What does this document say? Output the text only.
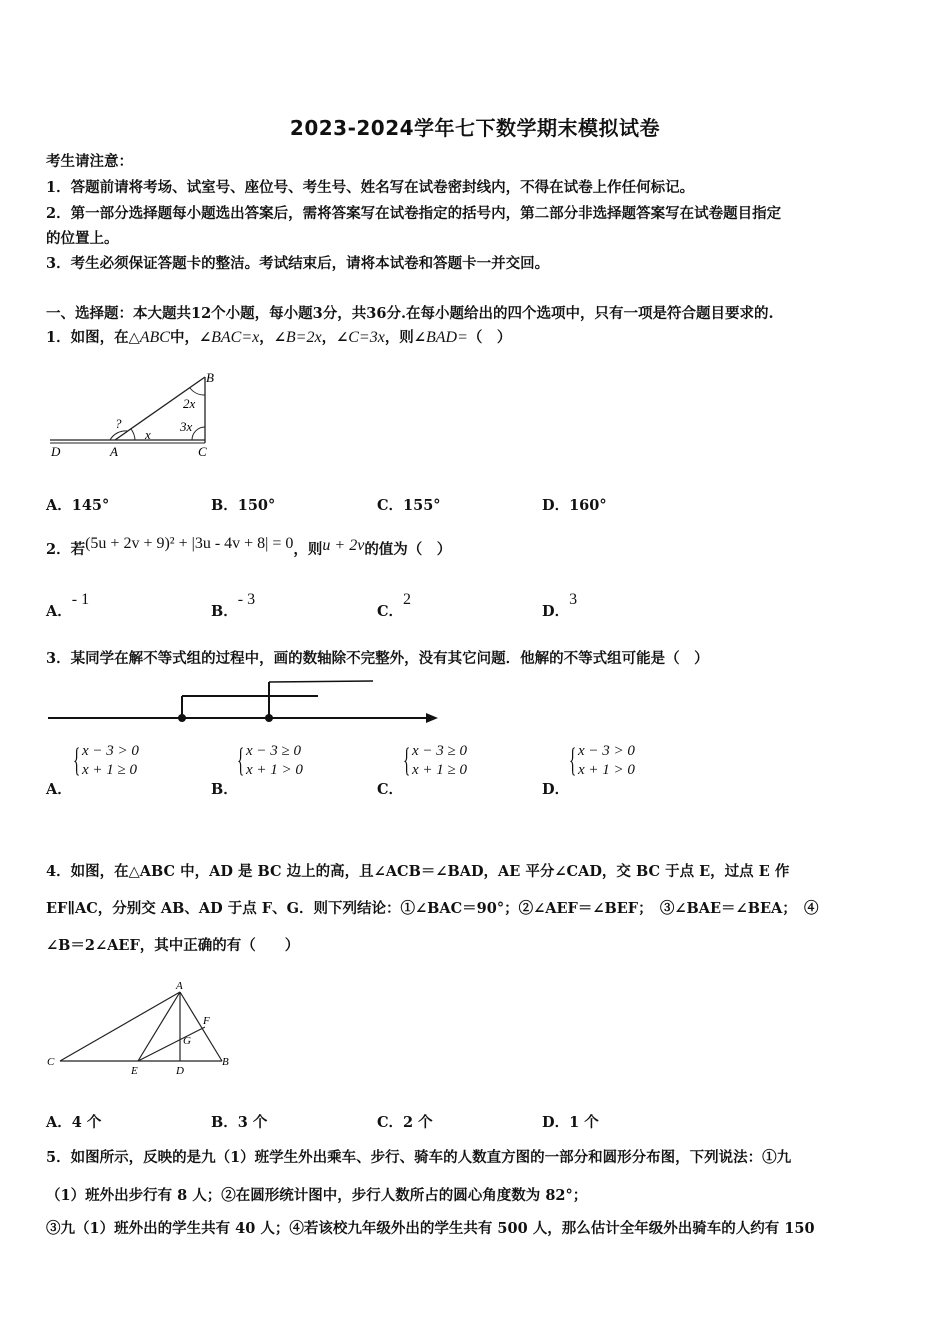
2023-2024学年七下数学期末模拟试卷
考生请注意：
1．答题前请将考场、试室号、座位号、考生号、姓名写在试卷密封线内，不得在试卷上作任何标记。
2．第一部分选择题每小题选出答案后，需将答案写在试卷指定的括号内，第二部分非选择题答案写在试卷题目指定
的位置上。
3．考生必须保证答题卡的整洁。考试结束后，请将本试卷和答题卡一并交回。
一、选择题：本大题共12个小题，每小题3分，共36分.在每小题给出的四个选项中，只有一项是符合题目要求的.
1．如图，在△ABC中，∠BAC=x，∠B=2x，∠C=3x，则∠BAD=（　）
B
2x
?
x
3x
D	A	C
A．145°	B．150°	C．155°	D．160°
2．若(5u + 2v + 9)² + |3u - 4v + 8| = 0，则u + 2v的值为（　）
A．- 1
B．- 3
C．2
D．3
3．某同学在解不等式组的过程中，画的数轴除不完整外，没有其它问题．他解的不等式组可能是（　）
A．
{ x − 3 > 0
x + 1 ≥ 0
B．
{ x − 3 ≥ 0
x + 1 > 0
C．
{ x − 3 ≥ 0
x + 1 ≥ 0
D．
{ x − 3 > 0
x + 1 > 0
4．如图，在△ABC 中，AD 是 BC 边上的高，且∠ACB＝∠BAD，AE 平分∠CAD，交 BC 于点 E，过点 E 作
EF∥AC，分别交 AB、AD 于点 F、G．则下列结论：①∠BAC＝90°；②∠AEF＝∠BEF；　③∠BAE＝∠BEA；　④
∠B＝2∠AEF，其中正确的有（　　）
A
F
G
C
E	D
B
A．4 个	B．3 个	C．2 个	D．1 个
5．如图所示，反映的是九（1）班学生外出乘车、步行、骑车的人数直方图的一部分和圆形分布图，下列说法：①九
（1）班外出步行有 8 人；②在圆形统计图中，步行人数所占的圆心角度数为 82°；
③九（1）班外出的学生共有 40 人；④若该校九年级外出的学生共有 500 人，那么估计全年级外出骑车的人约有 150
